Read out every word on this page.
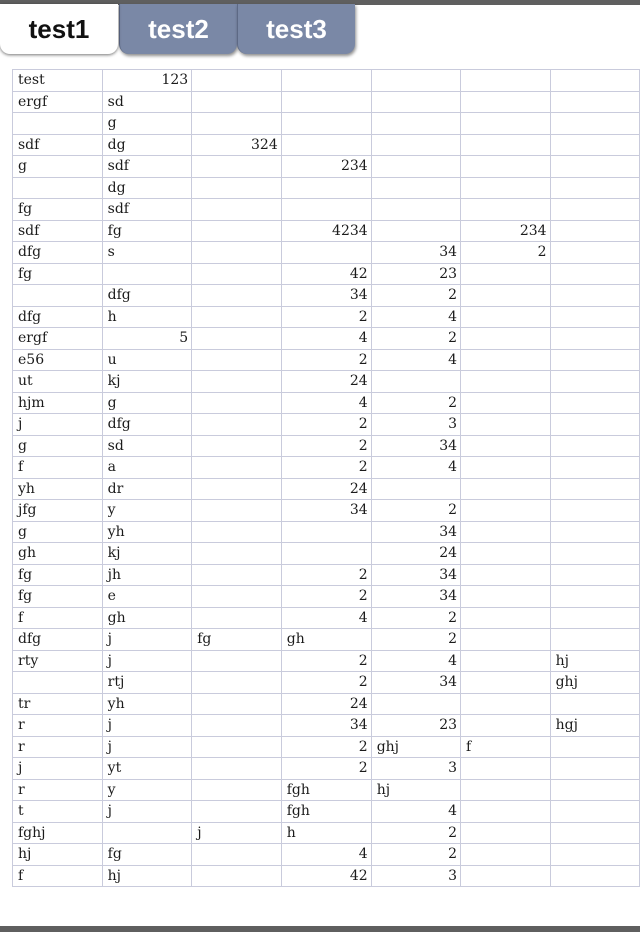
test1	test2	test3
test	123					
ergf	sd					
	g					
sdf	dg	324				
g	sdf		234			
	dg					
fg	sdf					
sdf	fg		4234		234	
dfg	s			34	2	
fg			42	23		
	dfg		34	2		
dfg	h		2	4		
ergf	5		4	2		
e56	u		2	4		
ut	kj		24			
hjm	g		4	2		
j	dfg		2	3		
g	sd		2	34		
f	a		2	4		
yh	dr		24			
jfg	y		34	2		
g	yh			34		
gh	kj			24		
fg	jh		2	34		
fg	e		2	34		
f	gh		4	2		
dfg	j	fg	gh	2		
rty	j		2	4		hj
	rtj		2	34		ghj
tr	yh		24			
r	j		34	23		hgj
r	j		2	ghj	f	
j	yt		2	3		
r	y		fgh	hj		
t	j		fgh	4		
fghj		j	h	2		
hj	fg		4	2		
f	hj		42	3		
